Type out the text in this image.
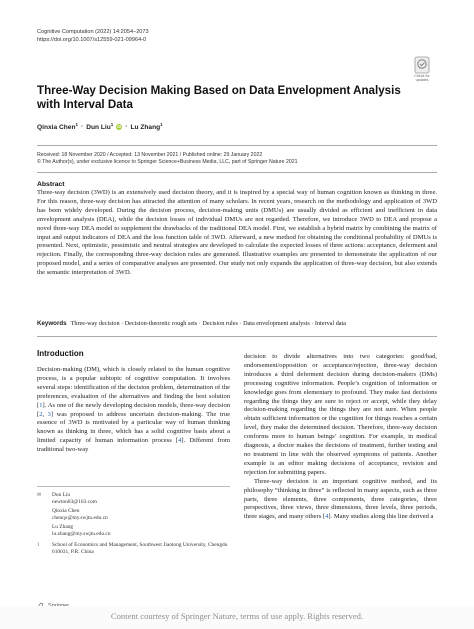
Cognitive Computation (2022) 14:2054–2073
https://doi.org/10.1007/s12559-021-09964-0
Check for
updates
Three-Way Decision Making Based on Data Envelopment Analysis with Interval Data
Qinxia Chen$^1$ · Dun Liu$^1$ iD · Lu Zhang$^1$
Received: 18 November 2020 / Accepted: 13 November 2021 / Published online: 29 January 2022
© The Author(s), under exclusive licence to Springer Science+Business Media, LLC, part of Springer Nature 2021
Abstract
Three-way decision (3WD) is an extensively used decision theory, and it is inspired by a special way of human cognition known as thinking in three. For this reason, three-way decision has attracted the attention of many scholars. In recent years, research on the methodology and application of 3WD has been widely developed. During the decision process, decision-making units (DMUs) are usually divided as efficient and inefficient in data envelopment analysis (DEA), while the decision losses of individual DMUs are not regarded. Therefore, we introduce 3WD to DEA and propose a novel three-way DEA model to supplement the drawbacks of the traditional DEA model. First, we establish a hybrid matrix by combining the matrix of input and output indicators of DEA and the loss function table of 3WD. Afterward, a new method for obtaining the conditional probability of DMUs is presented. Next, optimistic, pessimistic and neutral strategies are developed to calculate the expected losses of three actions: acceptance, deferment and rejection. Finally, the corresponding three-way decision rules are generated. Illustrative examples are presented to demonstrate the application of our proposed model, and a series of comparative analyses are presented. Our study not only expands the application of three-way decision, but also extends the semantic interpretation of 3WD.
Keywords Three-way decision · Decision-theoretic rough sets · Decision rules · Data envelopment analysis · Interval data
Introduction

Decision-making (DM), which is closely related to the human cognitive process, is a popular subtopic of cognitive computation. It involves several steps: identification of the decision problem, determination of the preferences, evaluation of the alternatives and finding the best solution [1]. As one of the newly developing decision models, three-way decision [2, 3] was proposed to address uncertain decision-making. The true essence of 3WD is motivated by a particular way of human thinking known as thinking in three, which has a solid cognitive basis about a limited capacity of human information process [4]. Different from traditional two-way

✉	Dun Liu
newton83@163.com
Qinxia Chen
chenqx@my.swjtu.edu.cn
Lu Zhang
lu.zhang@my.swjtu.edu.cn
1	School of Economics and Management, Southwest Jiaotong University, Chengdu 610031, P.R. China

decision to divide alternatives into two categories: good/bad, endorsement/opposition or acceptance/rejection, three-way decision introduces a third deferment decision during decision-makers (DMs) processing cognitive information. People’s cognition of information or knowledge goes from elementary to profound. They make fast decisions regarding the things they are sure to reject or accept, while they delay decision-making regarding the things they are not sure. When people obtain sufficient information or the cognition for things reaches a certain level, they make the determined decision. Therefore, three-way decision conforms more to human beings’ cognition. For example, in medical diagnosis, a doctor makes the decisions of treatment, further testing and no treatment in line with the observed symptoms of patients. Another example is an editor making decisions of acceptance, revision and rejection for submitting papers.

Three-way decision is an important cognitive method, and its philosophy “thinking in three” is reflected in many aspects, such as three parts, three elements, three components, three categories, three perspectives, three views, three dimensions, three levels, three periods, three stages, and many others [4]. Many studies along this line derived a

Content courtesy of Springer Nature, terms of use apply. Rights reserved.
